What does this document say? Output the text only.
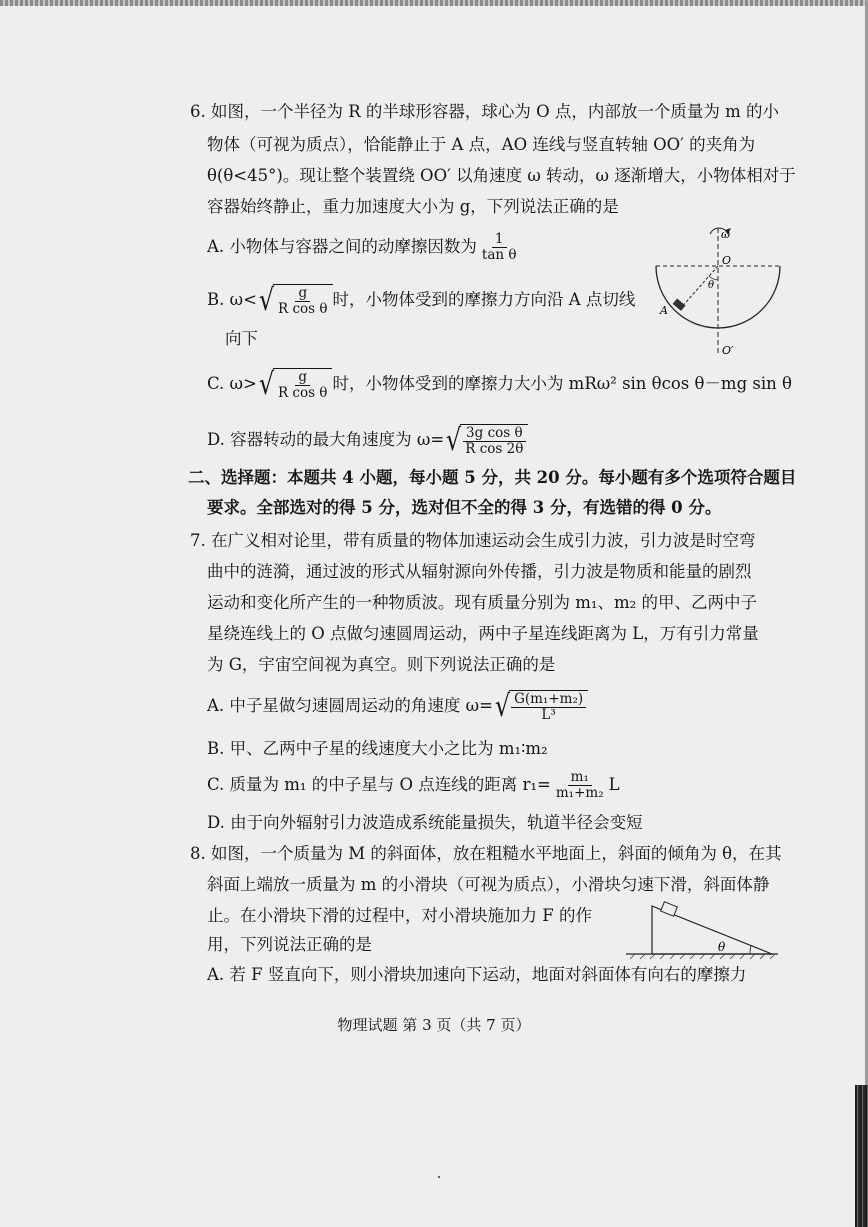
6. 如图，一个半径为 R 的半球形容器，球心为 O 点，内部放一个质量为 m 的小
物体（可视为质点），恰能静止于 A 点，AO 连线与竖直转轴 OO′ 的夹角为
θ(θ<45°)。现让整个装置绕 OO′ 以角速度 ω 转动，ω 逐渐增大，小物体相对于
容器始终静止，重力加速度大小为 g，下列说法正确的是
A. 小物体与容器之间的动摩擦因数为 $\frac{1}{\text{tan θ}}$
B. ω< √ $\frac{g}{\text{R cos θ}}$ 时，小物体受到的摩擦力方向沿 A 点切线
向下
C. ω> √ $\frac{g}{\text{R cos θ}}$ 时，小物体受到的摩擦力大小为 mRω² sin θcos θ－mg sin θ
D. 容器转动的最大角速度为 ω= √ $\frac{\text{3g cos θ}}{\text{R cos 2θ}}$
ω
O
θ
A
O′
二、选择题：本题共 4 小题，每小题 5 分，共 20 分。每小题有多个选项符合题目
要求。全部选对的得 5 分，选对但不全的得 3 分，有选错的得 0 分。
7. 在广义相对论里，带有质量的物体加速运动会生成引力波，引力波是时空弯
曲中的涟漪，通过波的形式从辐射源向外传播，引力波是物质和能量的剧烈
运动和变化所产生的一种物质波。现有质量分别为 m₁、m₂ 的甲、乙两中子
星绕连线上的 O 点做匀速圆周运动，两中子星连线距离为 L，万有引力常量
为 G，宇宙空间视为真空。则下列说法正确的是
A. 中子星做匀速圆周运动的角速度 ω= √ $\frac{\text{G(m₁+m₂)}}{\text{L³}}$
B. 甲、乙两中子星的线速度大小之比为 m₁∶m₂
C. 质量为 m₁ 的中子星与 O 点连线的距离 $r_1= \frac{\text{m₁}}{\text{m₁+m₂}}$ L
D. 由于向外辐射引力波造成系统能量损失，轨道半径会变短
8. 如图，一个质量为 M 的斜面体，放在粗糙水平地面上，斜面的倾角为 θ，在其
斜面上端放一质量为 m 的小滑块（可视为质点），小滑块匀速下滑，斜面体静
止。在小滑块下滑的过程中，对小滑块施加力 F 的作
用，下列说法正确的是
A. 若 F 竖直向下，则小滑块加速向下运动，地面对斜面体有向右的摩擦力
θ
物理试题 第 3 页（共 7 页）
